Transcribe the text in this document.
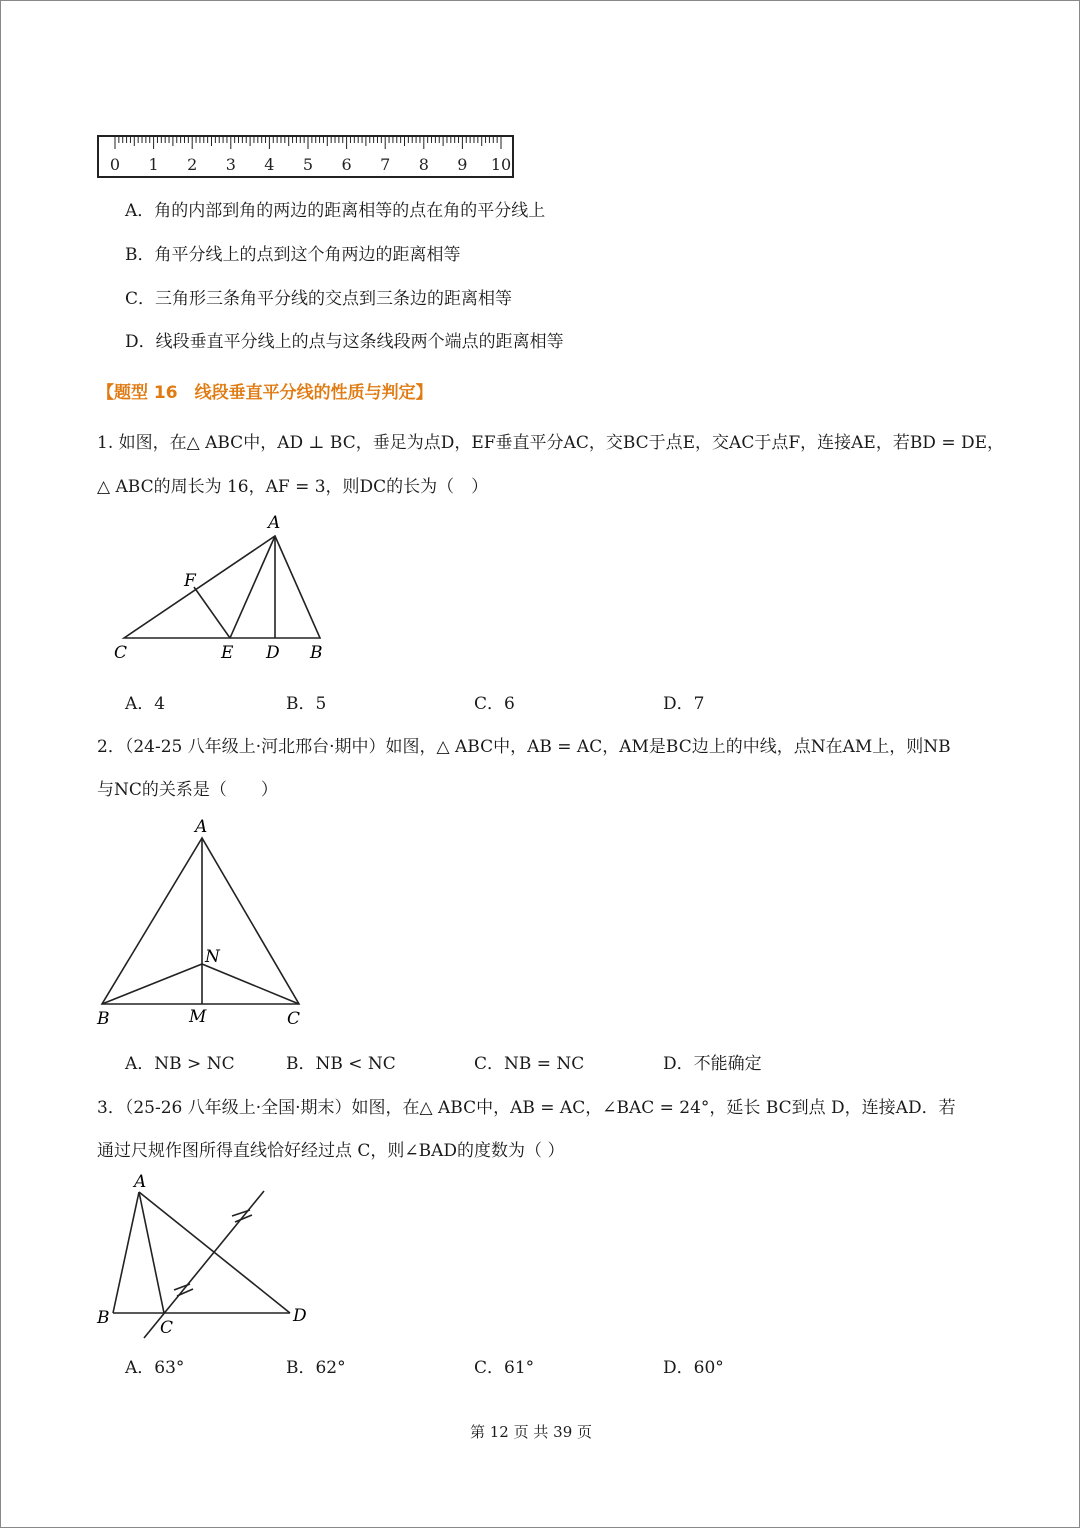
0 1 2 3 4 5 6 7 8 9 10
A．角的内部到角的两边的距离相等的点在角的平分线上
B．角平分线上的点到这个角两边的距离相等
C．三角形三条角平分线的交点到三条边的距离相等
D．线段垂直平分线上的点与这条线段两个端点的距离相等
【题型 16　线段垂直平分线的性质与判定】
1. 如图，在△ ABC中，AD ⊥ BC，垂足为点D，EF垂直平分AC，交BC于点E，交AC于点F，连接AE，若BD = DE，
△ ABC的周长为 16，AF = 3，则DC的长为（　）
A
F
C	E D B
A．4	B．5	C．6	D．7
2．（24-25 八年级上·河北邢台·期中）如图，△ ABC中，AB = AC，AM是BC边上的中线，点N在AM上，则NB
与NC的关系是（　　）
A
N
B	M	C
A．NB > NC	B．NB < NC	C．NB = NC	D．不能确定
3．（25-26 八年级上·全国·期末）如图，在△ ABC中，AB = AC，∠BAC = 24°，延长 BC到点 D，连接AD．若
通过尺规作图所得直线恰好经过点 C，则∠BAD的度数为（ ）
A
B	C
D
A．63°	B．62°	C．61°	D．60°
第 12 页 共 39 页
